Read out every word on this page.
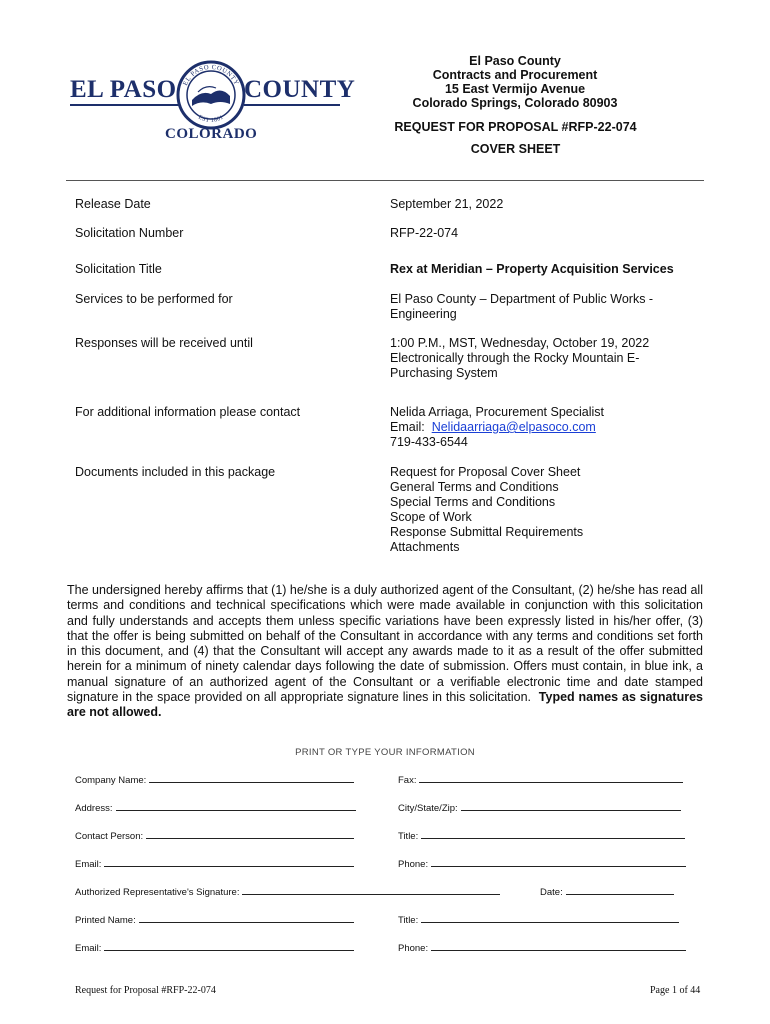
EL PASO EL PASO COUNTY
EST 1861
COUNTY
COLORADO
El Paso County
Contracts and Procurement
15 East Vermijo Avenue
Colorado Springs, Colorado 80903
REQUEST FOR PROPOSAL #RFP-22-074
COVER SHEET
Release Date	September 21, 2022
Solicitation Number	RFP-22-074
Solicitation Title	Rex at Meridian – Property Acquisition Services
Services to be performed for	El Paso County – Department of Public Works -
Engineering
Responses will be received until	1:00 P.M., MST, Wednesday, October 19, 2022
Electronically through the Rocky Mountain E-
Purchasing System
For additional information please contact	Nelida Arriaga, Procurement Specialist
Email: Nelidaarriaga@elpasoco.com
719-433-6544
Documents included in this package	Request for Proposal Cover Sheet
General Terms and Conditions
Special Terms and Conditions
Scope of Work
Response Submittal Requirements
Attachments
The undersigned hereby affirms that (1) he/she is a duly authorized agent of the Consultant, (2) he/she has read all terms and conditions and technical specifications which were made available in conjunction with this solicitation and fully understands and accepts them unless specific variations have been expressly listed in his/her offer, (3) that the offer is being submitted on behalf of the Consultant in accordance with any terms and conditions set forth in this document, and (4) that the Consultant will accept any awards made to it as a result of the offer submitted herein for a minimum of ninety calendar days following the date of submission. Offers must contain, in blue ink, a manual signature of an authorized agent of the Consultant or a verifiable electronic time and date stamped signature in the space provided on all appropriate signature lines in this solicitation. Typed names as signatures are not allowed.
PRINT OR TYPE YOUR INFORMATION
Company Name:	Fax:
Address:	City/State/Zip:
Contact Person:	Title:
Email:	Phone:
Authorized Representative's Signature:	Date:
Printed Name:	Title:
Email:	Phone:
Request for Proposal #RFP-22-074	Page 1 of 44
